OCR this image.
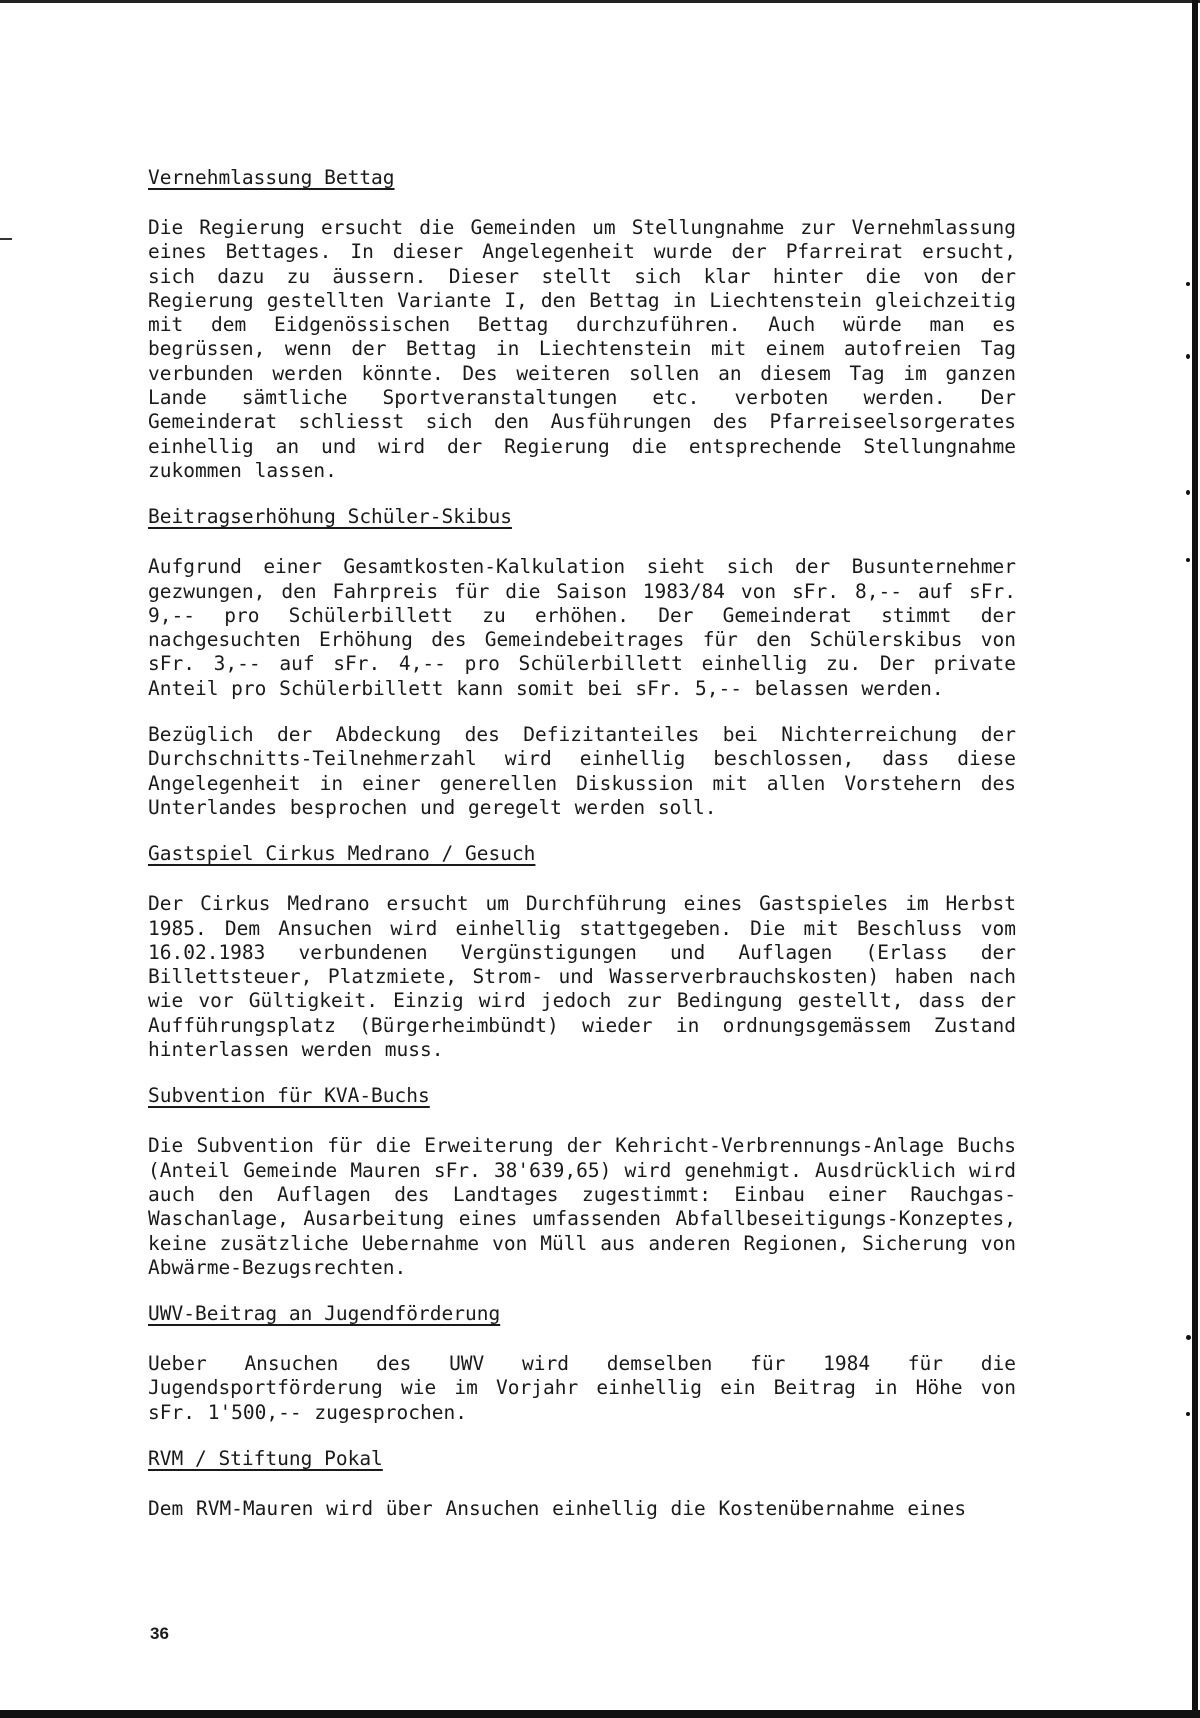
Vernehmlassung Bettag

Die Regierung ersucht die Gemeinden um Stellungnahme zur Vernehmlassung eines Bettages. In dieser Angelegenheit wurde der Pfarreirat ersucht, sich dazu zu äussern. Dieser stellt sich klar hinter die von der Regierung gestellten Variante I, den Bettag in Liechtenstein gleichzeitig mit dem Eidgenössischen Bettag durchzuführen. Auch würde man es begrüssen, wenn der Bettag in Liechtenstein mit einem autofreien Tag verbunden werden könnte. Des weiteren sollen an diesem Tag im ganzen Lande sämtliche Sportveranstaltungen etc. verboten werden. Der Gemeinderat schliesst sich den Ausführungen des Pfarreiseelsorgerates einhellig an und wird der Regierung die entsprechende Stellungnahme zukommen lassen.

Beitragserhöhung Schüler-Skibus

Aufgrund einer Gesamtkosten-Kalkulation sieht sich der Busunternehmer gezwungen, den Fahrpreis für die Saison 1983/84 von sFr. 8,-- auf sFr. 9,-- pro Schülerbillett zu erhöhen. Der Gemeinderat stimmt der nachgesuchten Erhöhung des Gemeindebeitrages für den Schülerskibus von sFr. 3,-- auf sFr. 4,-- pro Schülerbillett einhellig zu. Der private Anteil pro Schülerbillett kann somit bei sFr. 5,-- belassen werden.

Bezüglich der Abdeckung des Defizitanteiles bei Nichterreichung der Durchschnitts-Teilnehmerzahl wird einhellig beschlossen, dass diese Angelegenheit in einer generellen Diskussion mit allen Vorstehern des Unterlandes besprochen und geregelt werden soll.

Gastspiel Cirkus Medrano / Gesuch

Der Cirkus Medrano ersucht um Durchführung eines Gastspieles im Herbst 1985. Dem Ansuchen wird einhellig stattgegeben. Die mit Beschluss vom 16.02.1983 verbundenen Vergünstigungen und Auflagen (Erlass der Billettsteuer, Platzmiete, Strom- und Wasserverbrauchskosten) haben nach wie vor Gültigkeit. Einzig wird jedoch zur Bedingung gestellt, dass der Aufführungsplatz (Bürgerheimbündt) wieder in ordnungsgemässem Zustand hinterlassen werden muss.

Subvention für KVA-Buchs

Die Subvention für die Erweiterung der Kehricht-Verbrennungs-Anlage Buchs (Anteil Gemeinde Mauren sFr. 38'639,65) wird genehmigt. Ausdrücklich wird auch den Auflagen des Landtages zugestimmt: Einbau einer Rauchgas-Waschanlage, Ausarbeitung eines umfassenden Abfallbeseitigungs-Konzeptes, keine zusätzliche Uebernahme von Müll aus anderen Regionen, Sicherung von Abwärme-Bezugsrechten.

UWV-Beitrag an Jugendförderung

Ueber Ansuchen des UWV wird demselben für 1984 für die Jugendsportförderung wie im Vorjahr einhellig ein Beitrag in Höhe von sFr. 1'500,-- zugesprochen.

RVM / Stiftung Pokal

Dem RVM-Mauren wird über Ansuchen einhellig die Kostenübernahme eines

36
